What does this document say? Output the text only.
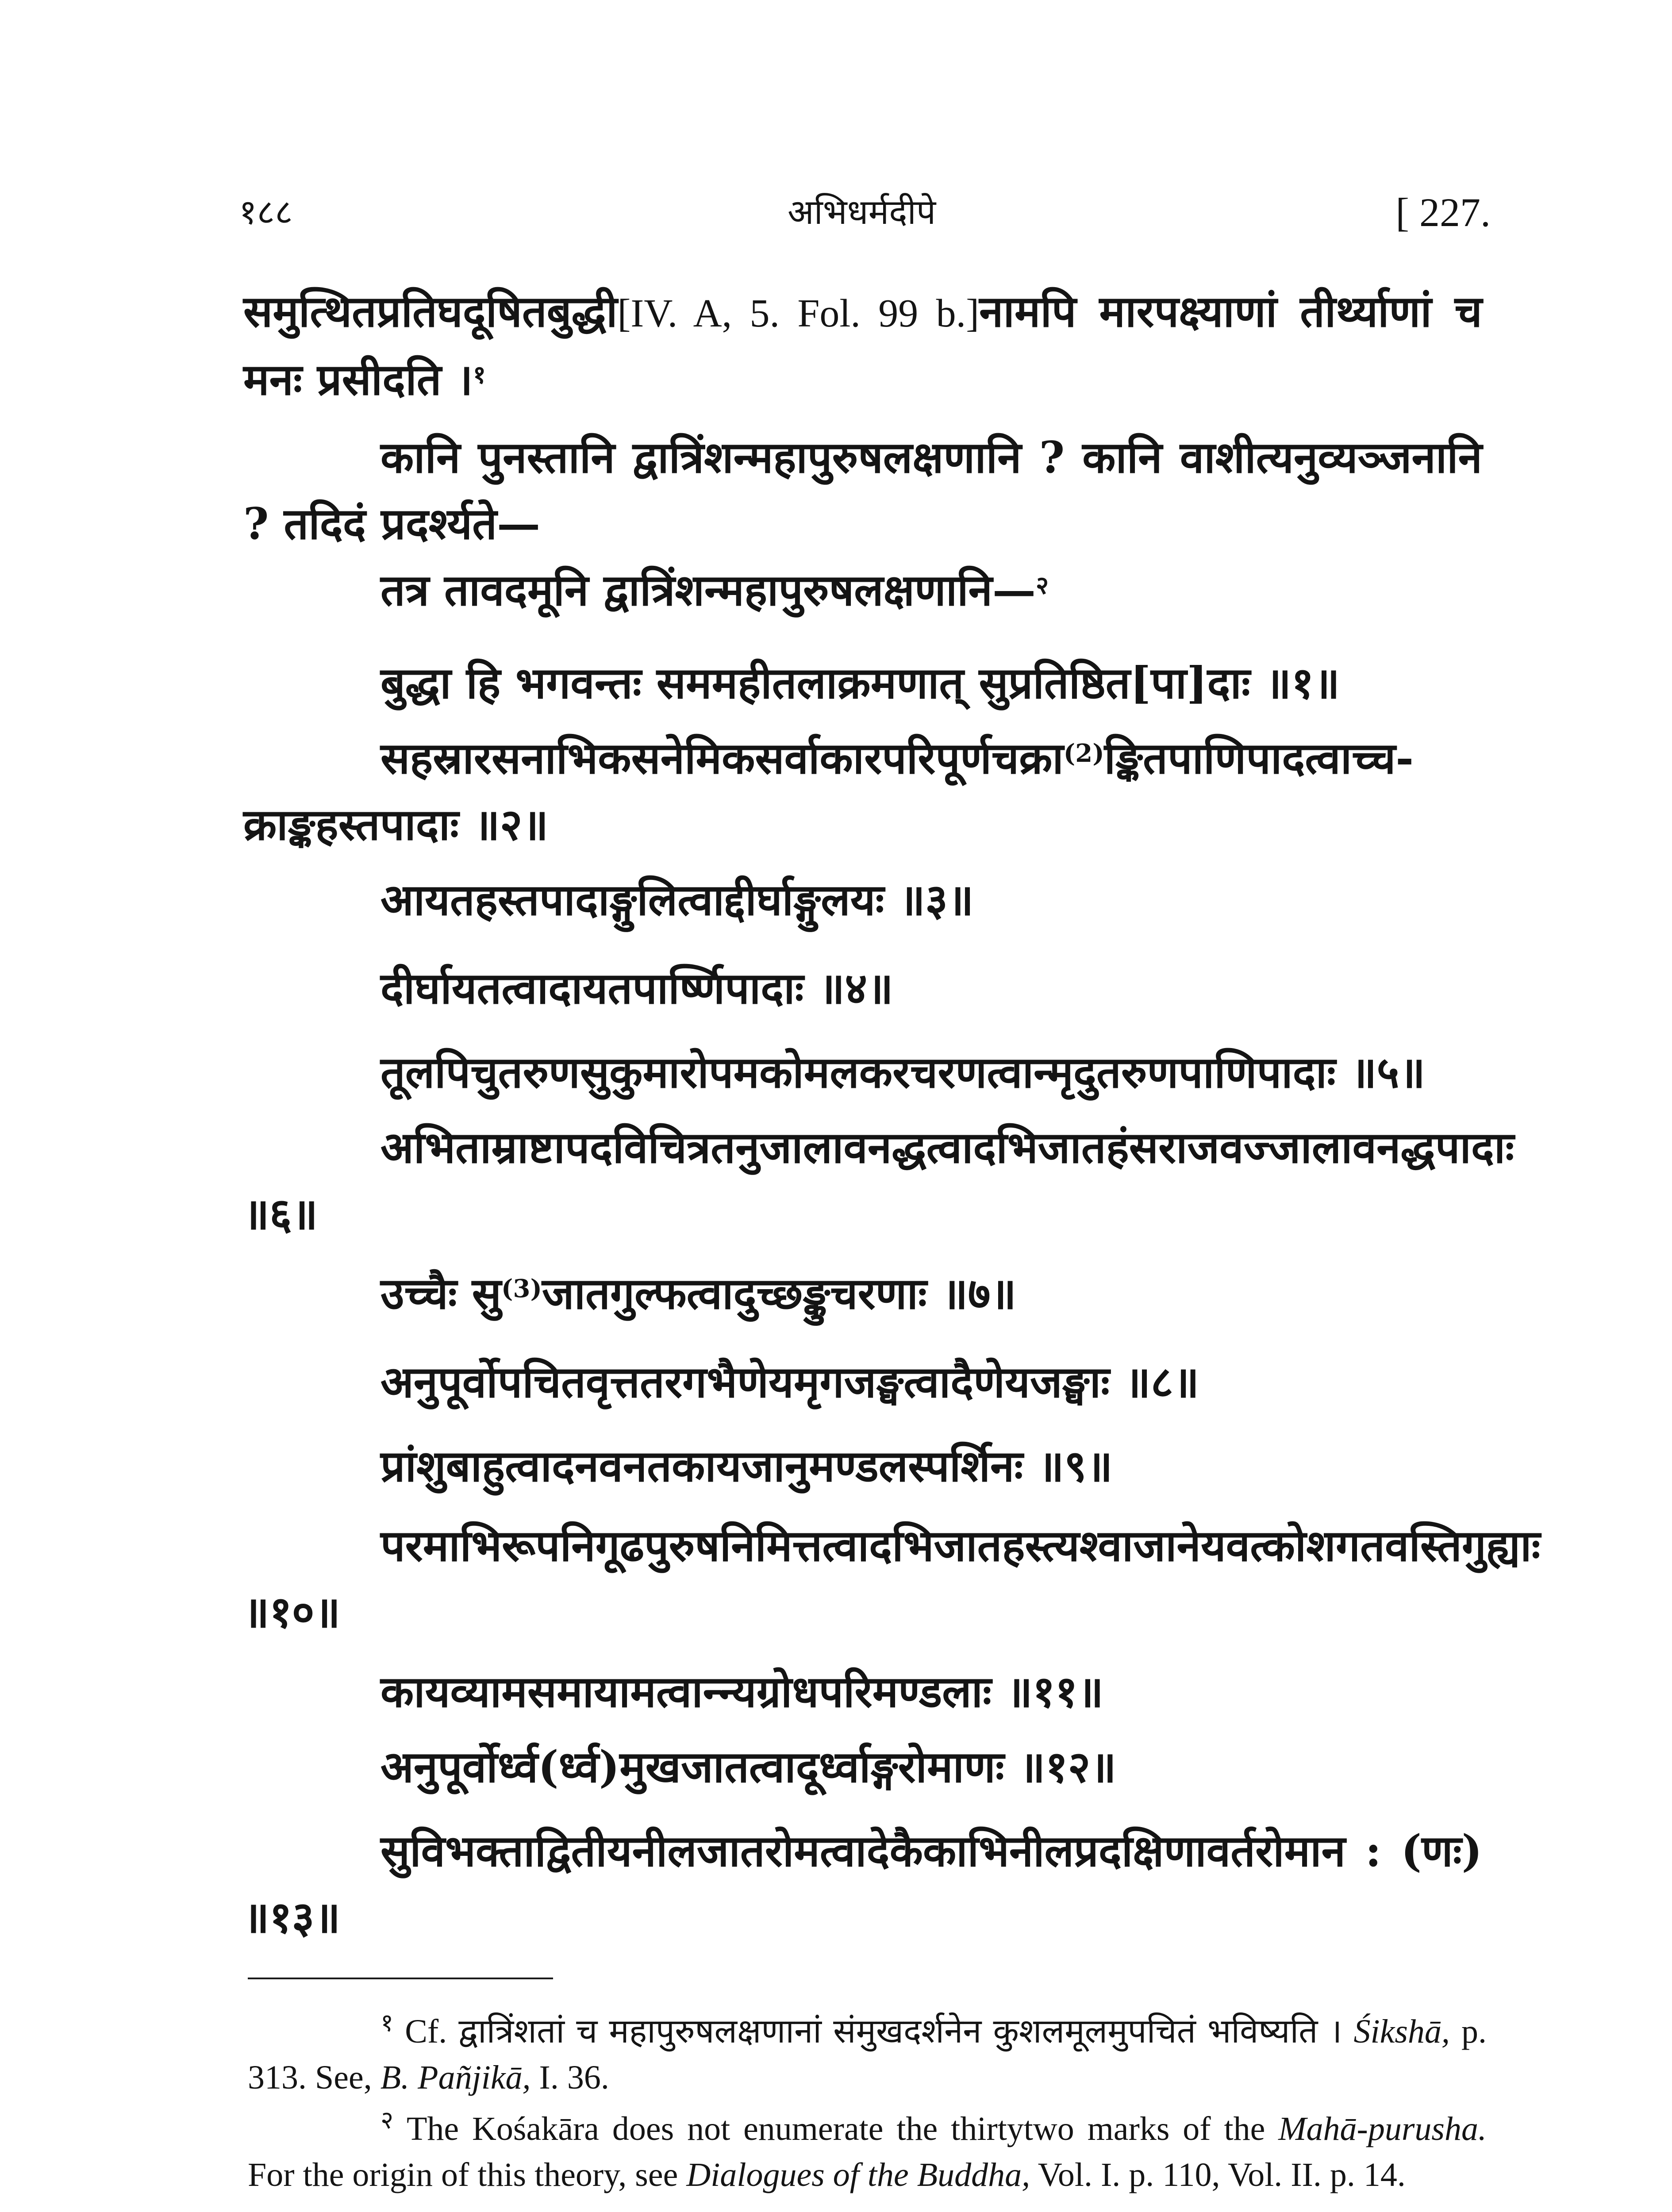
१८८	अभिधर्मदीपे	[ 227.

समुत्थितप्रतिघदूषितबुद्धी[IV. A, 5. Fol. 99 b.]नामपि मारपक्ष्याणां तीर्थ्याणां च मनः प्रसीदति ।$^१$

कानि पुनस्तानि द्वात्रिंशन्महापुरुषलक्षणानि ? कानि वाशीत्यनुव्यञ्जनानि ? तदिदं प्रदर्श्यते—

तत्र तावदमूनि द्वात्रिंशन्महापुरुषलक्षणानि—$^२$

बुद्धा हि भगवन्तः सममहीतलाक्रमणात् सुप्रतिष्ठित[पा]दाः ॥१॥

सहस्रारसनाभिकसनेमिकसर्वाकारपरिपूर्णचक्रा$^{(2)}$ङ्कितपाणिपादत्वाच्च- क्राङ्कहस्तपादाः ॥२॥

आयतहस्तपादाङ्गुलित्वाद्दीर्घाङ्गुलयः ॥३॥

दीर्घायतत्वादायतपार्ष्णिपादाः ॥४॥

तूलपिचुतरुणसुकुमारोपमकोमलकरचरणत्वान्मृदुतरुणपाणिपादाः ॥५॥

अभिताम्राष्टापदविचित्रतनुजालावनद्धत्वादभिजातहंसराजवज्जालावनद्धपादाः ॥६॥

उच्चैः सु$^{(3)}$जातगुल्फत्वादुच्छङ्कुचरणाः ॥७॥

अनुपूर्वोपचितवृत्ततरगभैणेयमृगजङ्घत्वादैणेयजङ्घाः ॥८॥

प्रांशुबाहुत्वादनवनतकायजानुमण्डलस्पर्शिनः ॥९॥

परमाभिरूपनिगूढपुरुषनिमित्तत्वादभिजातहस्त्यश्वाजानेयवत्कोशगतवस्तिगुह्याः ॥१०॥

कायव्यामसमायामत्वान्न्यग्रोधपरिमण्डलाः ॥११॥

अनुपूर्वोर्ध्व(र्ध्व)मुखजातत्वादूर्ध्वाङ्गरोमाणः ॥१२॥

सुविभक्ताद्वितीयनीलजातरोमत्वादेकैकाभिनीलप्रदक्षिणावर्तरोमान : (णः) ॥१३॥

$^१$ Cf. द्वात्रिंशतां च महापुरुषलक्षणानां संमुखदर्शनेन कुशलमूलमुपचितं भविष्यति । Śikshā, p. 313. See, B. Pañjikā, I. 36.

$^२$ The Kośakāra does not enumerate the thirtytwo marks of the Mahā-purusha. For the origin of this theory, see Dialogues of the Buddha, Vol. I. p. 110, Vol. II. p. 14.
